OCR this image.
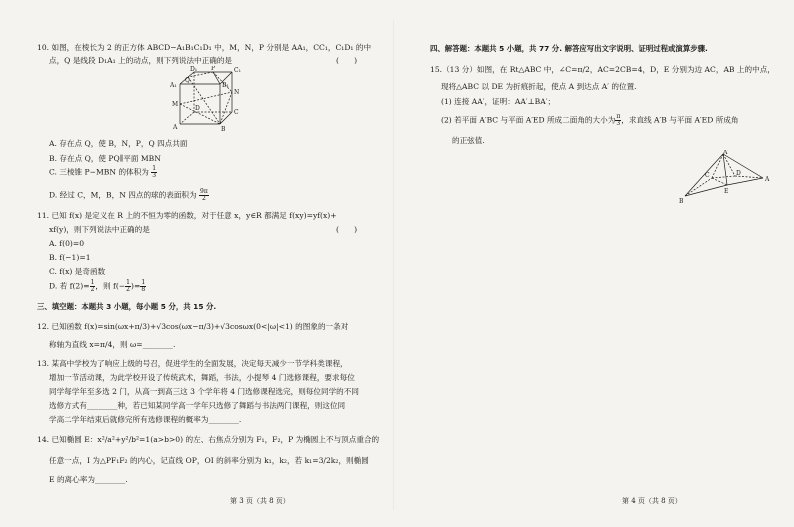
10. 如图，在棱长为 2 的正方体 ABCD−A₁B₁C₁D₁ 中，M，N，P 分别是 AA₁，CC₁，C₁D₁ 的中
点，Q 是线段 D₁A₁ 上的动点，则下列说法中正确的是	(　　)
D₁ P	C₁
A₁	B₁
M
N
Q
D
C
A	B
A. 存在点 Q，使 B，N，P，Q 四点共面
B. 存在点 Q，使 PQ∥平面 MBN
C. 三棱锥 P−MBN 的体积为 $\frac{1}{3}$
D. 经过 C，M，B，N 四点的球的表面积为 $\frac{9\pi}{2}$
11. 已知 f(x) 是定义在 R 上的不恒为零的函数，对于任意 x，y∈R 都满足 f(xy)=yf(x)+
xf(y)，则下列说法中正确的是	(　　)
A. f(0)=0
B. f(−1)=1
C. f(x) 是奇函数
D. 若 $f(2)= \frac{1}{2}$ ，则 $f(- \frac{1}{2}$ )= $\frac{1}{8}$
三、填空题：本题共 3 小题，每小题 5 分，共 15 分.
12. 已知函数 f(x)=sin(ωx+π/3)+√3cos(ωx−π/3)+√3cosωx(0<|ω|<1) 的图象的一条对
称轴为直线 x=π/4，则 ω=________.
13. 某高中学校为了响应上级的号召，促进学生的全面发展，决定每天减少一节学科类课程，
增加一节活动课，为此学校开设了传统武术，舞蹈，书法，小提琴 4 门选修课程，要求每位
同学每学年至多选 2 门，从高一到高三这 3 个学年将 4 门选修课程选完，则每位同学的不同
选修方式有________种，若已知某同学高一学年只选修了舞蹈与书法两门课程，则这位同
学高二学年结束后就修完所有选修课程的概率为________.
14. 已知椭圆 E：x²/a²+y²/b²=1(a>b>0) 的左、右焦点分别为 F₁，F₂，P 为椭圆上不与顶点重合的
任意一点，I 为△PF₁F₂ 的内心，记直线 OP，OI 的斜率分别为 k₁，k₂，若 k₁=3/2k₂，则椭圆
E 的离心率为________.
第 3 页（共 8 页）
四、解答题：本题共 5 小题，共 77 分. 解答应写出文字说明、证明过程或演算步骤.
15.（13 分）如图，在 Rt△ABC 中，∠C=π/2，AC=2CB=4，D，E 分别为边 AC，AB 上的中点，
现将△ABC 以 DE 为折痕折起，使点 A 到达点 A′ 的位置.
(1) 连接 AA′，证明：AA′⊥BA′；
(2) 若平面 A′BC 与平面 A′ED 所成二面角的大小为 $\frac{\pi}{3}$ ，求直线 A′B 与平面 A′ED 所成角
的正弦值.
A′
C	D
A
E
B
第 4 页（共 8 页）
